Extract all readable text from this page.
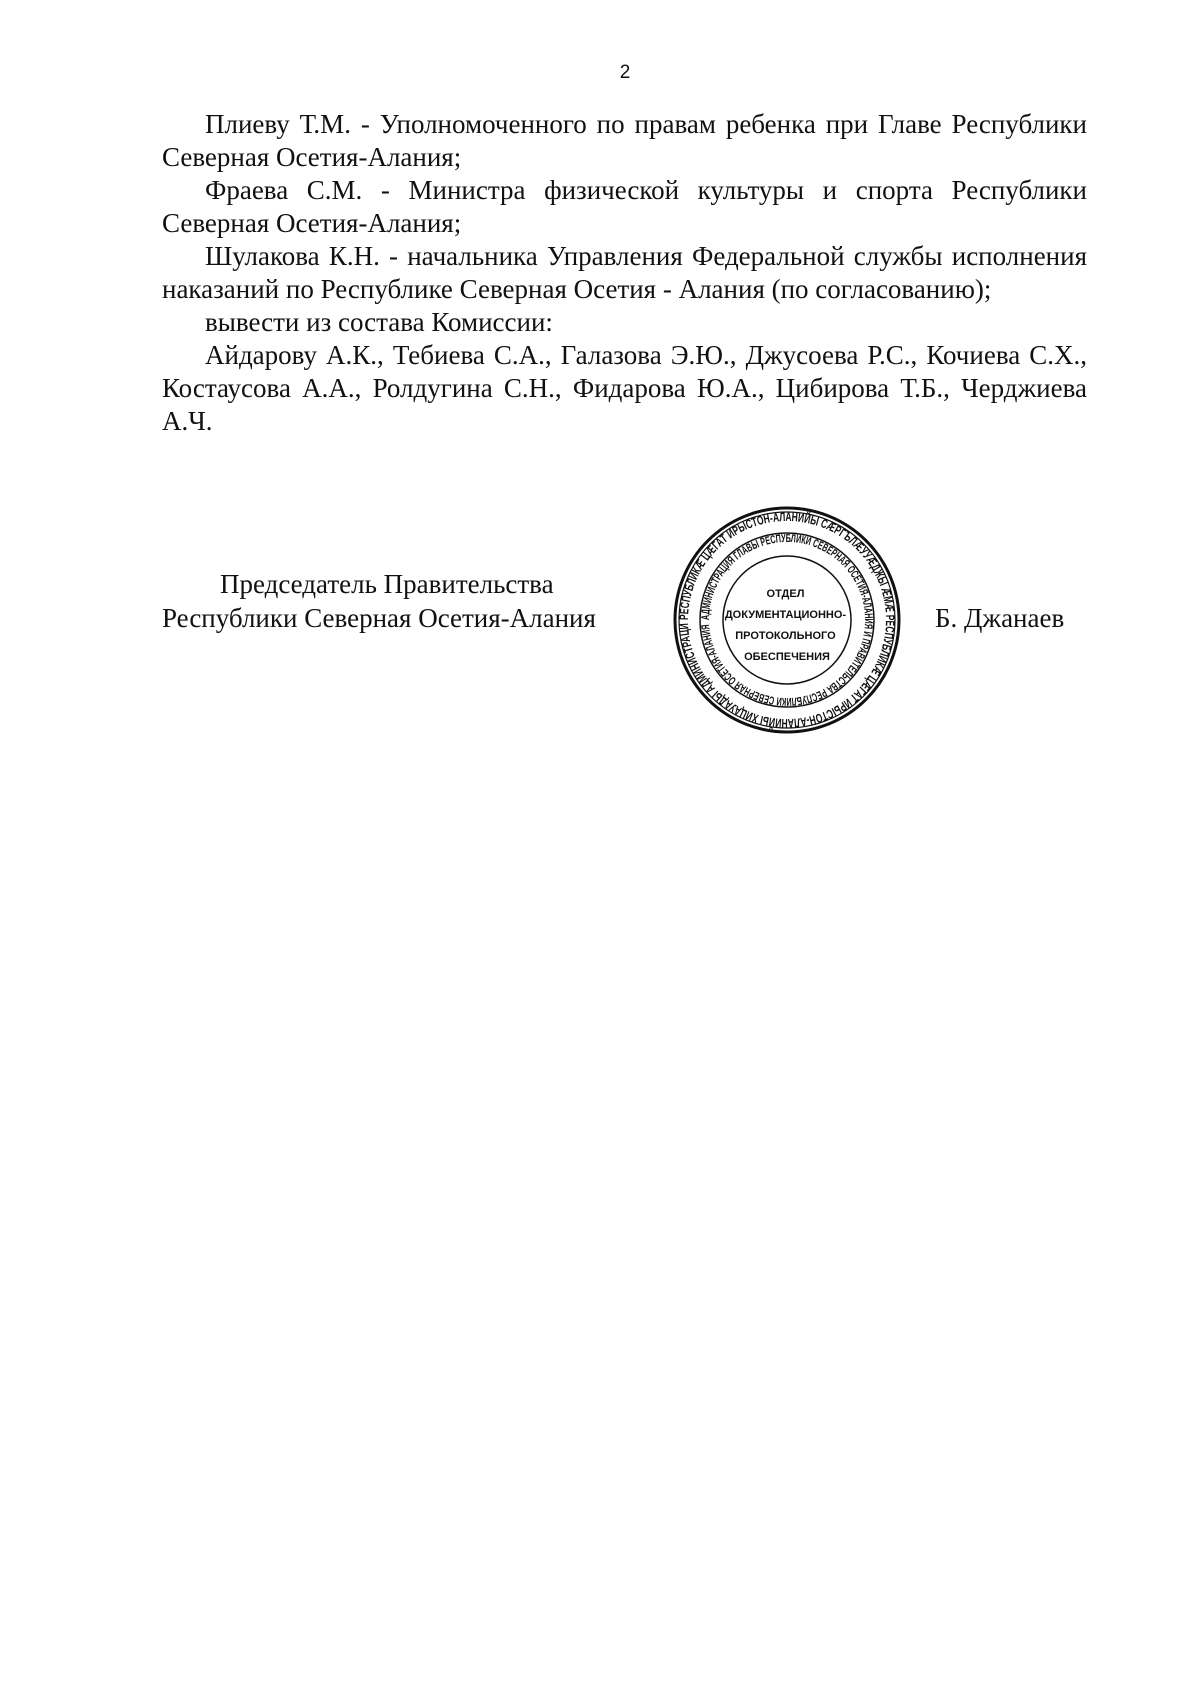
2

Плиеву Т.М. - Уполномоченного по правам ребенка при Главе Республики Северная Осетия-Алания;

Фраева С.М. - Министра физической культуры и спорта Республики Северная Осетия-Алания;

Шулакова К.Н. - начальника Управления Федеральной службы исполнения наказаний по Республике Северная Осетия - Алания (по согласованию);

вывести из состава Комиссии:

Айдарову А.К., Тебиева С.А., Галазова Э.Ю., Джусоева Р.С., Кочиева С.Х., Костаусова А.А., Ролдугина С.Н., Фидарова Ю.А., Цибирова Т.Б., Черджиева А.Ч.

Председатель Правительства
Республики Северная Осетия-Алания	Б. Джанаев
РЕСПУБЛИКӔ ЦӔГАТ ИРЫСТОН-АЛАНИЙЫ СӔРГЪЛӔУУӔДЖЫ ӔМӔ РЕСПУБЛИКӔ ЦӔГАТ ИРЫСТОН-АЛАНИЙЫ ХИЦАУАДЫ АДМИНИСТРАЦИ
АДМИНИСТРАЦИЯ ГЛАВЫ РЕСПУБЛИКИ СЕВЕРНАЯ ОСЕТИЯ-АЛАНИЯ И ПРАВИТЕЛЬСТВА РЕСПУБЛИКИ СЕВЕРНАЯ ОСЕТИЯ-АЛАНИЯ
ОТДЕЛ ДОКУМЕНТАЦИОННО- ПРОТОКОЛЬНОГО ОБЕСПЕЧЕНИЯ
